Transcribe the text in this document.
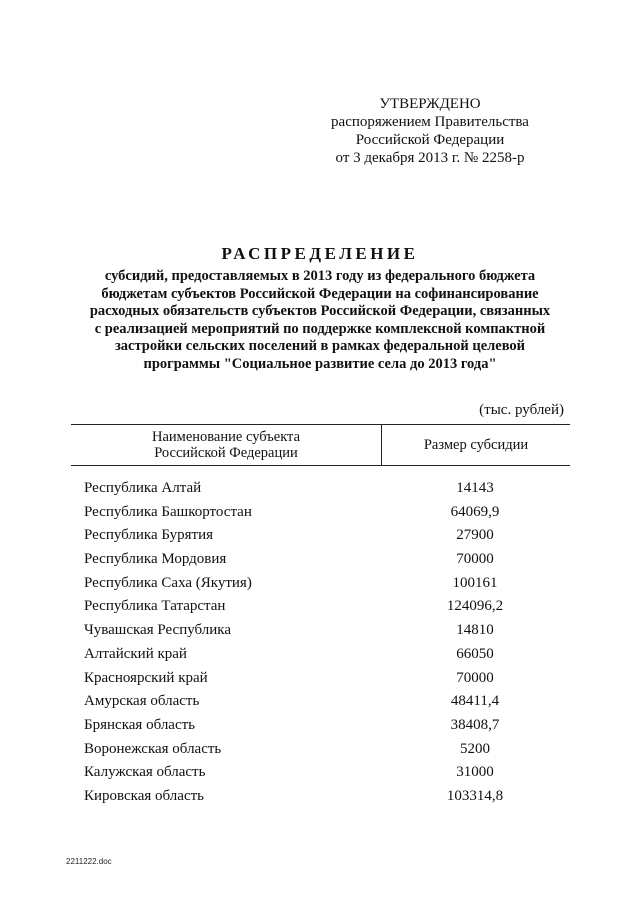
УТВЕРЖДЕНО
распоряжением Правительства
Российской Федерации
от 3 декабря 2013 г. № 2258-р
РАСПРЕДЕЛЕНИЕ
субсидий, предоставляемых в 2013 году из федерального бюджета
бюджетам субъектов Российской Федерации на софинансирование
расходных обязательств субъектов Российской Федерации, связанных
с реализацией мероприятий по поддержке комплексной компактной
застройки сельских поселений в рамках федеральной целевой
программы "Социальное развитие села до 2013 года"
(тыс. рублей)
Наименование субъекта
Российской Федерации	Размер субсидии
Республика Алтай	14143
Республика Башкортостан	64069,9
Республика Бурятия	27900
Республика Мордовия	70000
Республика Саха (Якутия)	100161
Республика Татарстан	124096,2
Чувашская Республика	14810
Алтайский край	66050
Красноярский край	70000
Амурская область	48411,4
Брянская область	38408,7
Воронежская область	5200
Калужская область	31000
Кировская область	103314,8
2211222.doc
